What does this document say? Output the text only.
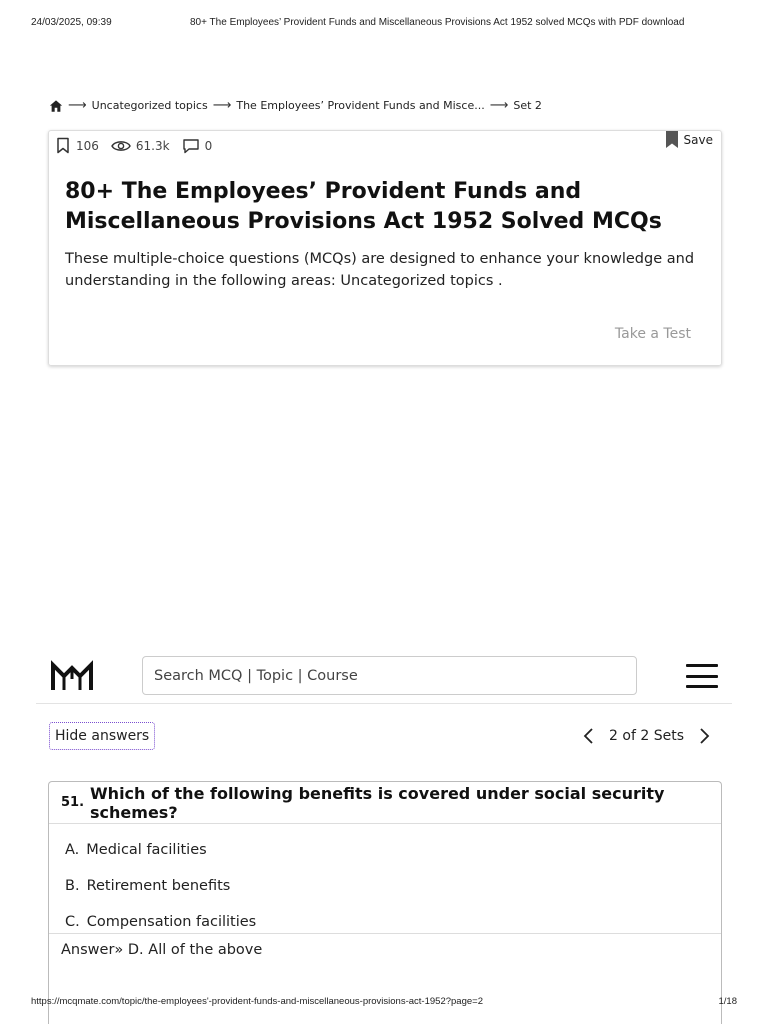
24/03/2025, 09:39	80+ The Employees’ Provident Funds and Miscellaneous Provisions Act 1952 solved MCQs with PDF download
⟶ Uncategorized topics ⟶ The Employees’ Provident Funds and Misce... ⟶ Set 2
106	61.3k	0	Save
80+ The Employees’ Provident Funds and Miscellaneous Provisions Act 1952 Solved MCQs

These multiple-choice questions (MCQs) are designed to enhance your knowledge and understanding in the following areas: Uncategorized topics .

Take a Test
Search MCQ | Topic | Course
Hide answers	2 of 2 Sets
51. Which of the following benefits is covered under social security schemes?
A. Medical facilities
B. Retirement benefits
C. Compensation facilities
Answer» D. All of the above
https://mcqmate.com/topic/the-employees'-provident-funds-and-miscellaneous-provisions-act-1952?page=2	1/18
